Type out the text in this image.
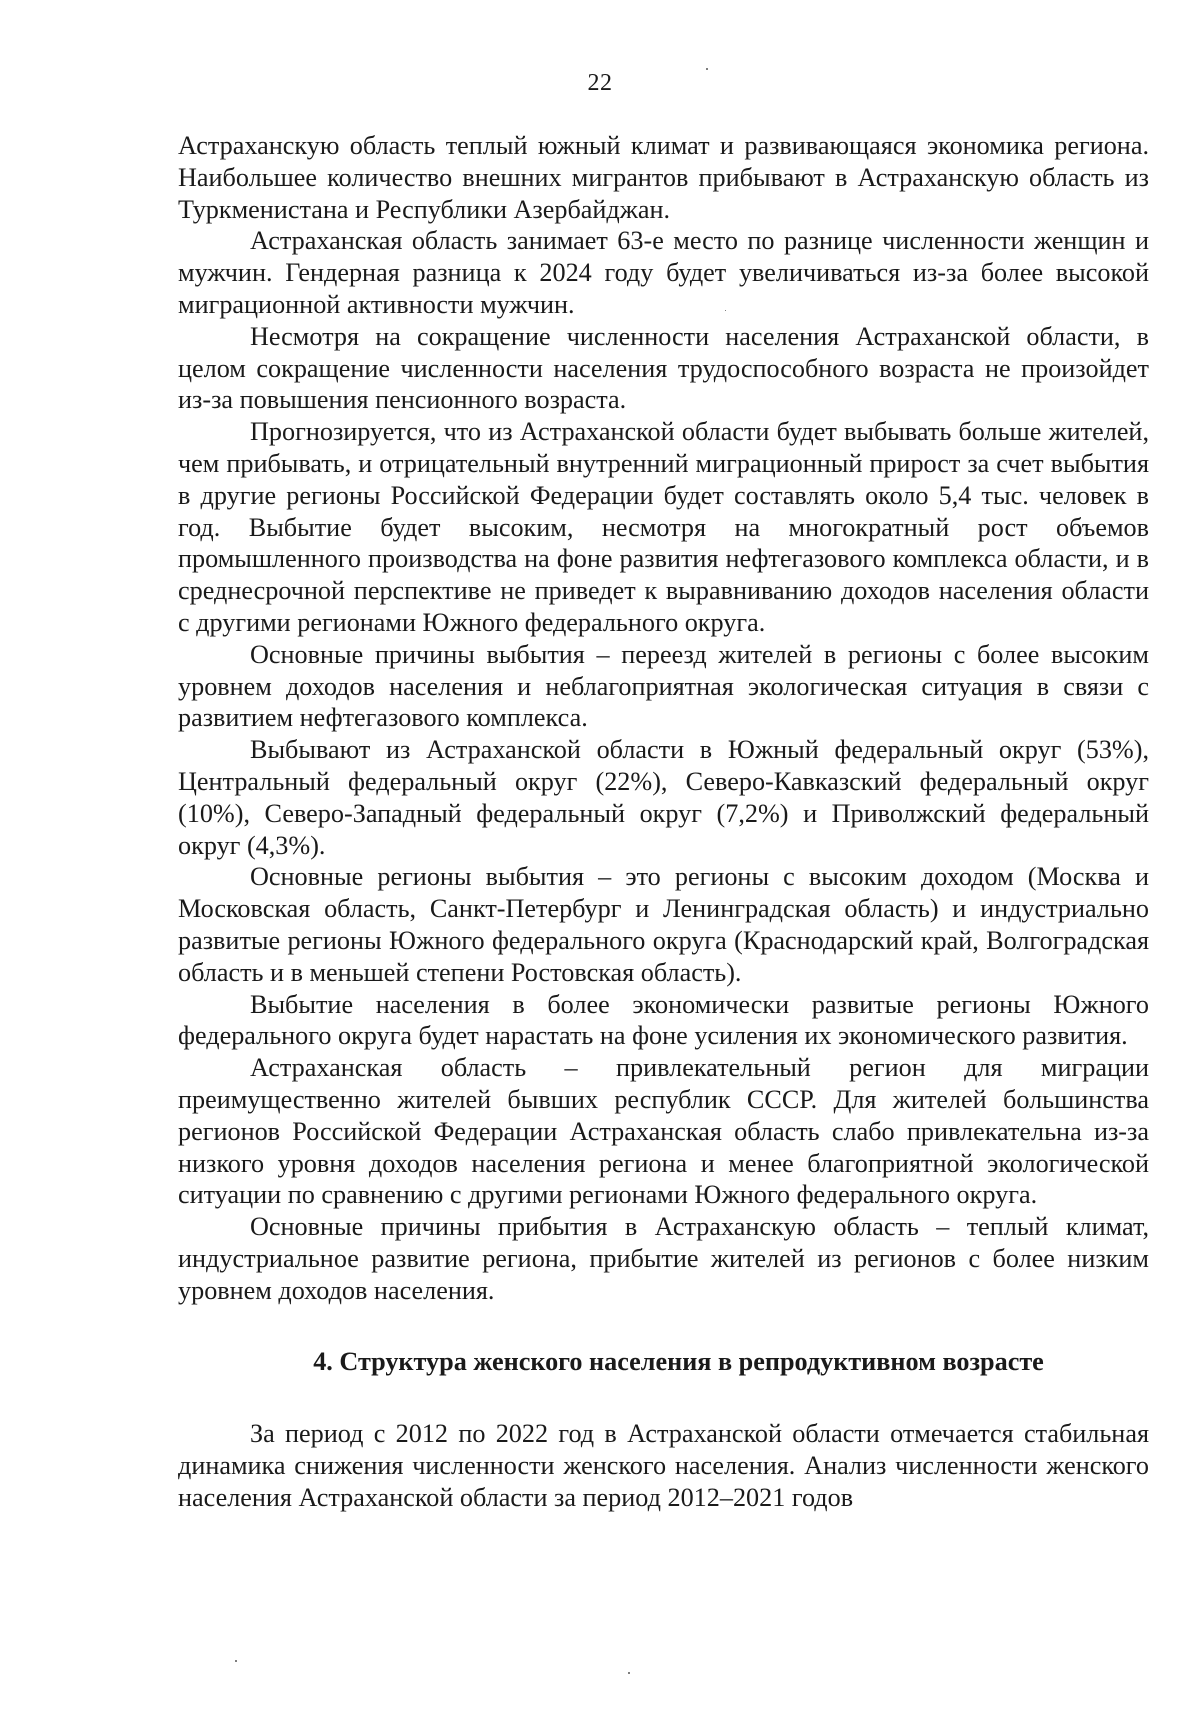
22

Астраханскую область теплый южный климат и развивающаяся экономика региона. Наибольшее количество внешних мигрантов прибывают в Астраханскую область из Туркменистана и Республики Азербайджан.

Астраханская область занимает 63-е место по разнице численности женщин и мужчин. Гендерная разница к 2024 году будет увеличиваться из-за более высокой миграционной активности мужчин.

Несмотря на сокращение численности населения Астраханской области, в целом сокращение численности населения трудоспособного возраста не произойдет из-за повышения пенсионного возраста.

Прогнозируется, что из Астраханской области будет выбывать больше жителей, чем прибывать, и отрицательный внутренний миграционный прирост за счет выбытия в другие регионы Российской Федерации будет составлять около 5,4 тыс. человек в год. Выбытие будет высоким, несмотря на многократный рост объемов промышленного производства на фоне развития нефтегазового комплекса области, и в среднесрочной перспективе не приведет к выравниванию доходов населения области с другими регионами Южного федерального округа.

Основные причины выбытия – переезд жителей в регионы с более высоким уровнем доходов населения и неблагоприятная экологическая ситуация в связи с развитием нефтегазового комплекса.

Выбывают из Астраханской области в Южный федеральный округ (53%), Центральный федеральный округ (22%), Северо-Кавказский федеральный округ (10%), Северо-Западный федеральный округ (7,2%) и Приволжский федеральный округ (4,3%).

Основные регионы выбытия – это регионы с высоким доходом (Москва и Московская область, Санкт-Петербург и Ленинградская область) и индустриально развитые регионы Южного федерального округа (Краснодарский край, Волгоградская область и в меньшей степени Ростовская область).

Выбытие населения в более экономически развитые регионы Южного федерального округа будет нарастать на фоне усиления их экономического развития.

Астраханская область – привлекательный регион для миграции преимущественно жителей бывших республик СССР. Для жителей большинства регионов Российской Федерации Астраханская область слабо привлекательна из-за низкого уровня доходов населения региона и менее благоприятной экологической ситуации по сравнению с другими регионами Южного федерального округа.

Основные причины прибытия в Астраханскую область – теплый климат, индустриальное развитие региона, прибытие жителей из регионов с более низким уровнем доходов населения.

4. Структура женского населения в репродуктивном возрасте

За период с 2012 по 2022 год в Астраханской области отмечается стабильная динамика снижения численности женского населения. Анализ численности женского населения Астраханской области за период 2012–2021 годов
